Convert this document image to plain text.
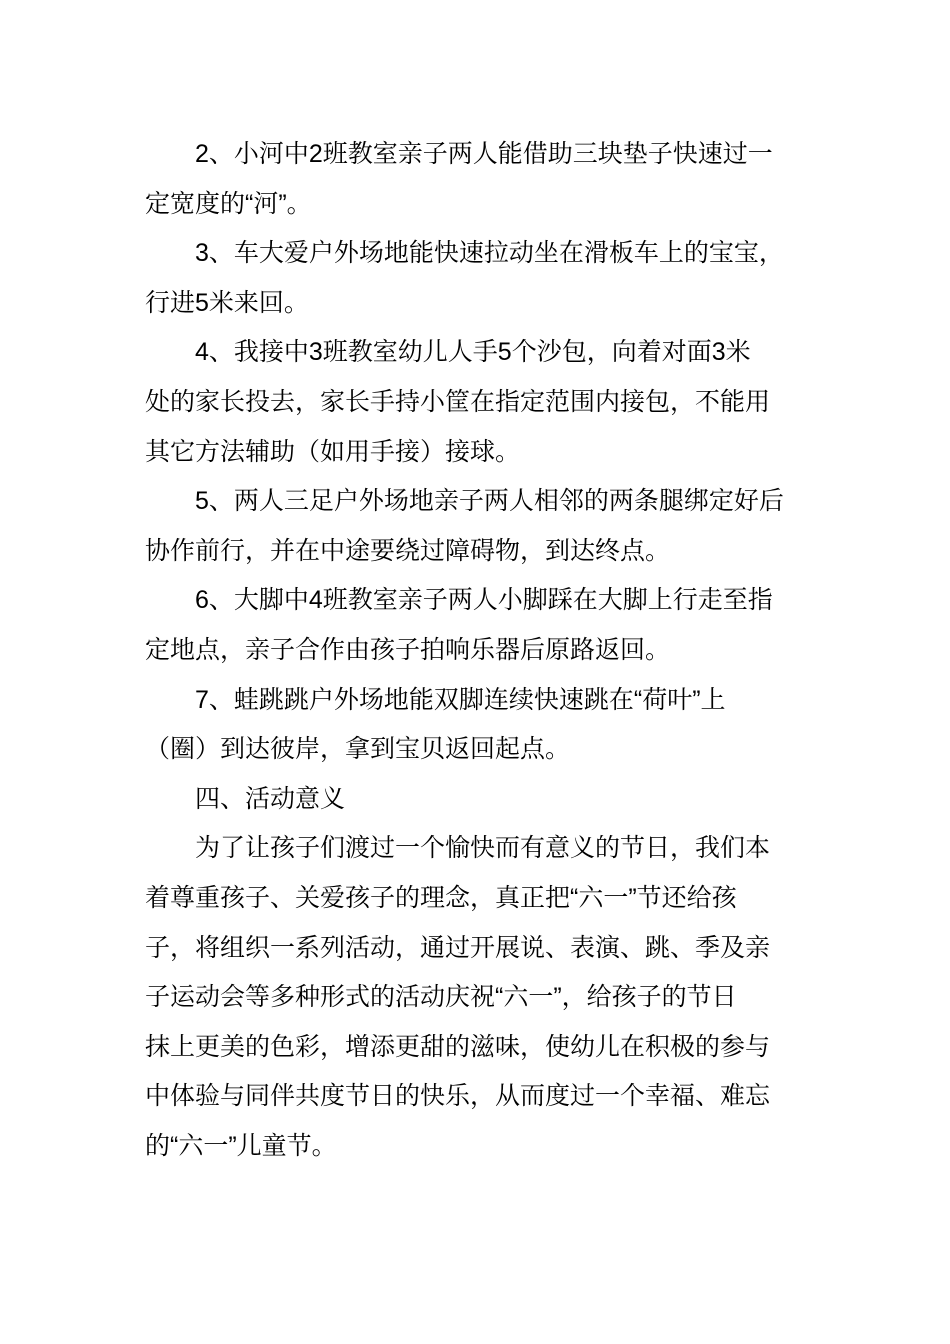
2、小河中2班教室亲子两人能借助三块垫子快速过一
定宽度的“河”。
3、车大爱户外场地能快速拉动坐在滑板车上的宝宝，
行进5米来回。
4、我接中3班教室幼儿人手5个沙包，向着对面3米
处的家长投去，家长手持小筐在指定范围内接包，不能用
其它方法辅助（如用手接）接球。
5、两人三足户外场地亲子两人相邻的两条腿绑定好后
协作前行，并在中途要绕过障碍物，到达终点。
6、大脚中4班教室亲子两人小脚踩在大脚上行走至指
定地点，亲子合作由孩子拍响乐器后原路返回。
7、蛙跳跳户外场地能双脚连续快速跳在“荷叶”上
（圈）到达彼岸，拿到宝贝返回起点。
四、活动意义
为了让孩子们渡过一个愉快而有意义的节日，我们本
着尊重孩子、关爱孩子的理念，真正把“六一”节还给孩
子，将组织一系列活动，通过开展说、表演、跳、季及亲
子运动会等多种形式的活动庆祝“六一”，给孩子的节日
抹上更美的色彩，增添更甜的滋味，使幼儿在积极的参与
中体验与同伴共度节日的快乐，从而度过一个幸福、难忘
的“六一”儿童节。
